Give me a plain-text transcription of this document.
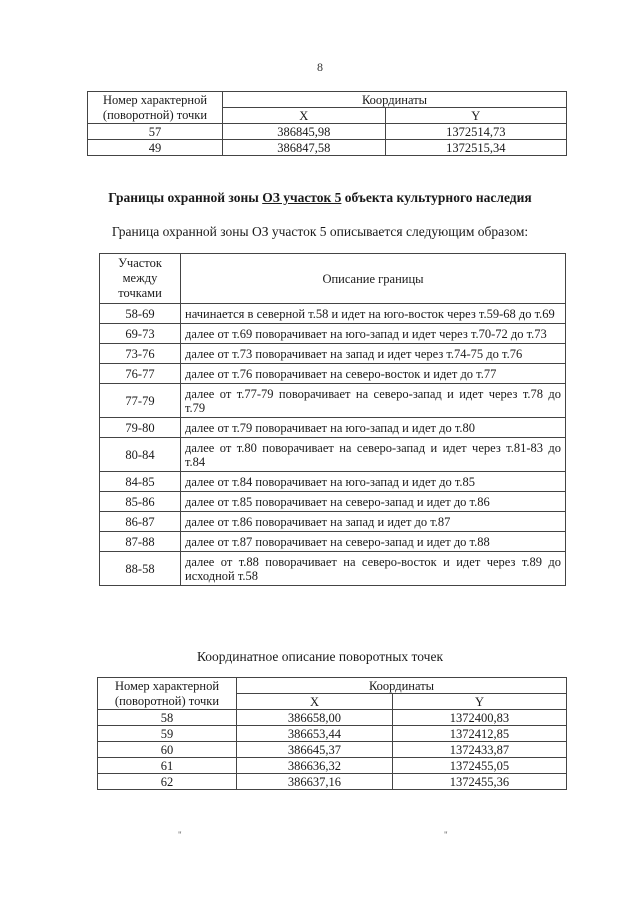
8
Номер характерной (поворотной) точки	Координаты	
	X	Y
57	386845,98	1372514,73
49	386847,58	1372515,34
Границы охранной зоны ОЗ участок 5 объекта культурного наследия
Граница охранной зоны ОЗ участок 5 описывается следующим образом:
Участок между точками	Описание границы
58-69	начинается в северной т.58 и идет на юго-восток через т.59-68 до т.69
69-73	далее от т.69 поворачивает на юго-запад и идет через т.70-72 до т.73
73-76	далее от т.73 поворачивает на запад и идет через т.74-75 до т.76
76-77	далее от т.76 поворачивает на северо-восток и идет до т.77
77-79	далее от т.77-79 поворачивает на северо-запад и идет через т.78 до т.79
79-80	далее от т.79 поворачивает на юго-запад и идет до т.80
80-84	далее от т.80 поворачивает на северо-запад и идет через т.81-83 до т.84
84-85	далее от т.84 поворачивает на юго-запад и идет до т.85
85-86	далее от т.85 поворачивает на северо-запад и идет до т.86
86-87	далее от т.86 поворачивает на запад и идет до т.87
87-88	далее от т.87 поворачивает на северо-запад и идет до т.88
88-58	далее от т.88 поворачивает на северо-восток и идет через т.89 до исходной т.58
Координатное описание поворотных точек
Номер характерной (поворотной) точки	Координаты	
	X	Y
58	386658,00	1372400,83
59	386653,44	1372412,85
60	386645,37	1372433,87
61	386636,32	1372455,05
62	386637,16	1372455,36
"	"
